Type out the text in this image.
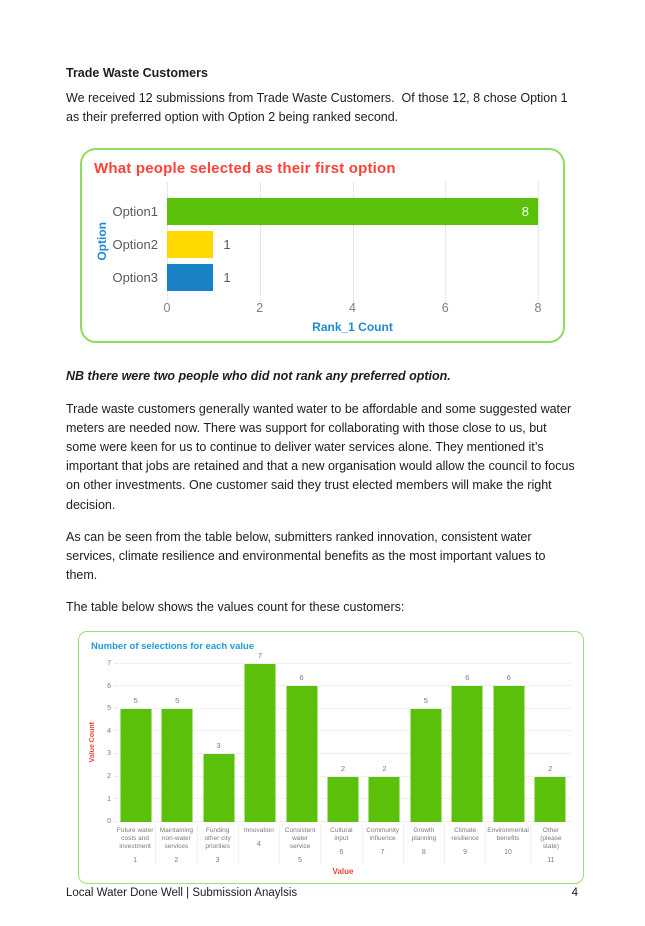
Trade Waste Customers

We received 12 submissions from Trade Waste Customers.  Of those 12, 8 chose Option 1 as their preferred option with Option 2 being ranked second.

What people selected as their first option
Option
Option1	8
Option2	1
Option3	1
0	2	4	6	8
Rank_1 Count

NB there were two people who did not rank any preferred option.

Trade waste customers generally wanted water to be affordable and some suggested water meters are needed now. There was support for collaborating with those close to us, but some were keen for us to continue to deliver water services alone. They mentioned it’s important that jobs are retained and that a new organisation would allow the council to focus on other investments. One customer said they trust elected members will make the right decision.

As can be seen from the table below, submitters ranked innovation, consistent water services, climate resilience and environmental benefits as the most important values to them.

The table below shows the values count for these customers:

Number of selections for each value
Value Count
0
1
2
3
4
5
6
7
5	5
3
7
6
2	2
5
6	6
2
Future water costs and investment
1
Maintaining non-water services
2
Funding other city priorities
3
Innovation
4
Consistent water service
5
Cultural input
6
Community influence
7
Growth planning
8
Climate resilience
9
Environmental benefits
10
Other (please state)
11
Value
Local Water Done Well | Submission Anaylsis	4
